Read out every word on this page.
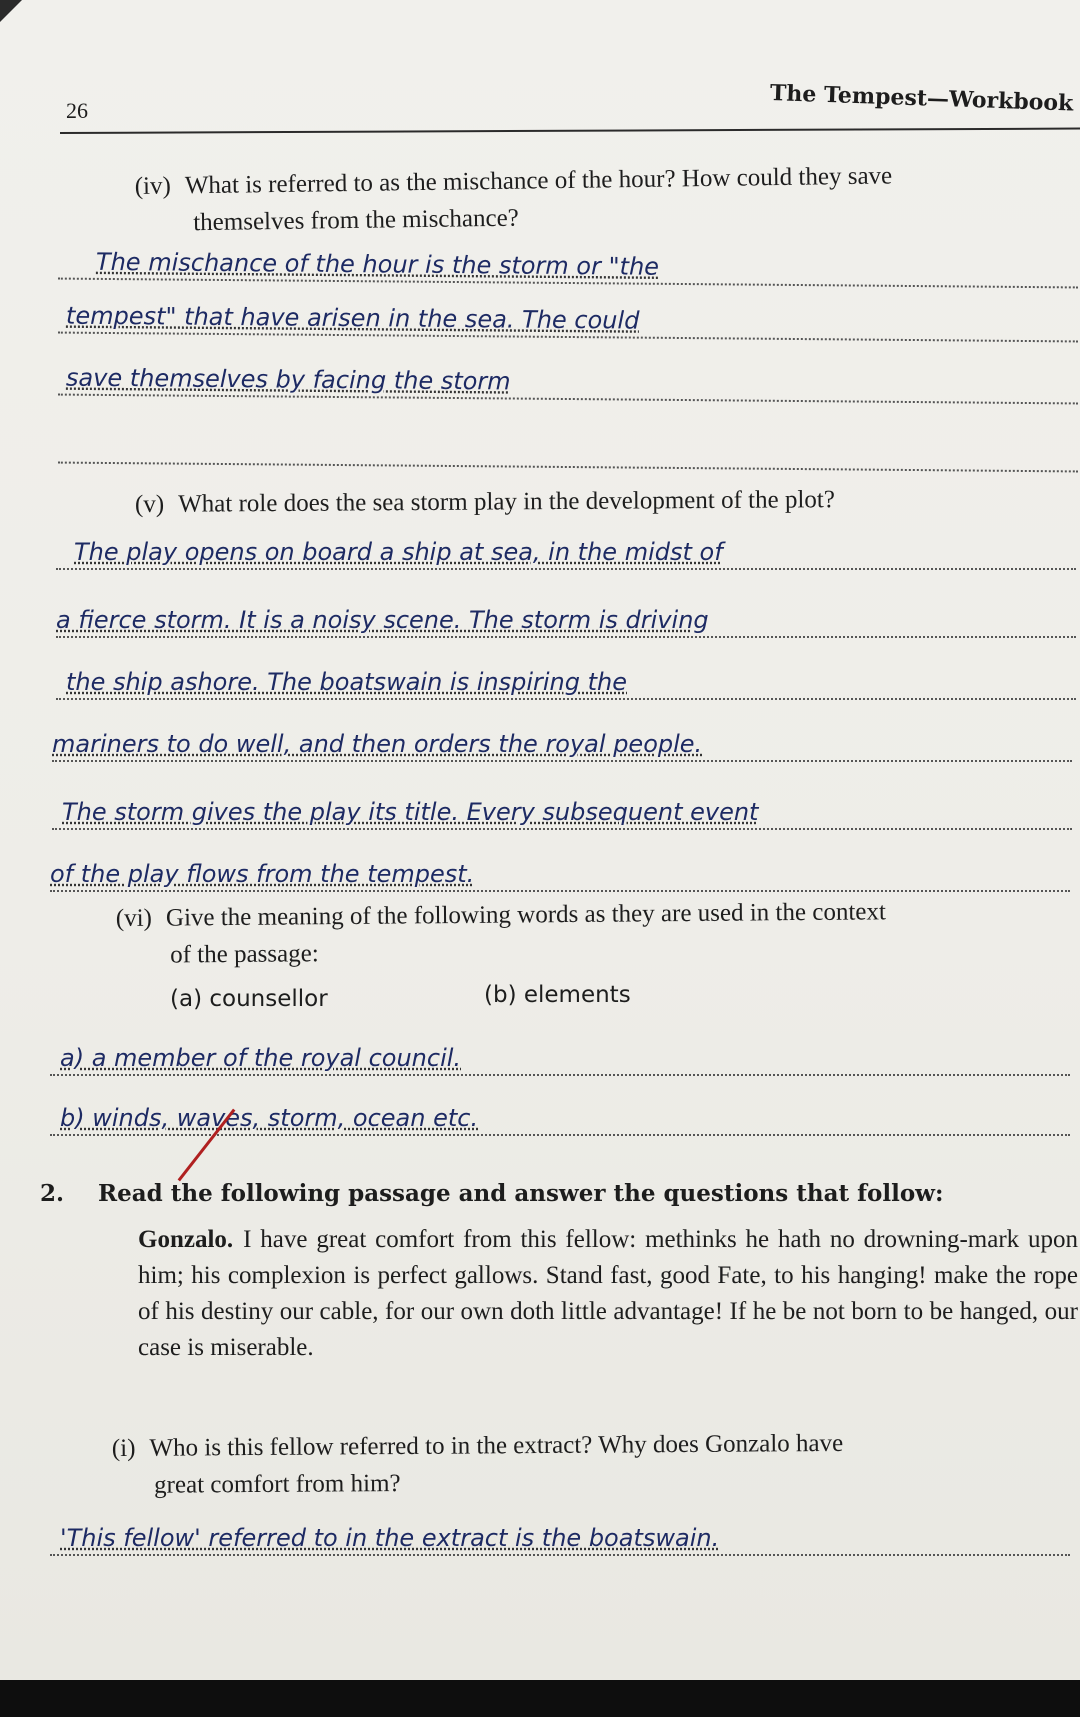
26	The Tempest—Workbook
(iv) What is referred to as the mischance of the hour? How could they save
themselves from the mischance?
The mischance of the hour is the storm or "the
tempest" that have arisen in the sea. The could
save themselves by facing the storm
(v) What role does the sea storm play in the development of the plot?
The play opens on board a ship at sea, in the midst of
a fierce storm. It is a noisy scene. The storm is driving
the ship ashore. The boatswain is inspiring the
mariners to do well, and then orders the royal people.
The storm gives the play its title. Every subsequent event
of the play flows from the tempest.
(vi) Give the meaning of the following words as they are used in the context
of the passage:
(a) counsellor	(b) elements
a) a member of the royal council.
b) winds, waves, storm, ocean etc.
2. Read the following passage and answer the questions that follow:
Gonzalo. I have great comfort from this fellow: methinks he hath no drowning-mark upon him; his complexion is perfect gallows. Stand fast, good Fate, to his hanging! make the rope of his destiny our cable, for our own doth little advantage! If he be not born to be hanged, our case is miserable.
(i) Who is this fellow referred to in the extract? Why does Gonzalo have
great comfort from him?
'This fellow' referred to in the extract is the boatswain.
